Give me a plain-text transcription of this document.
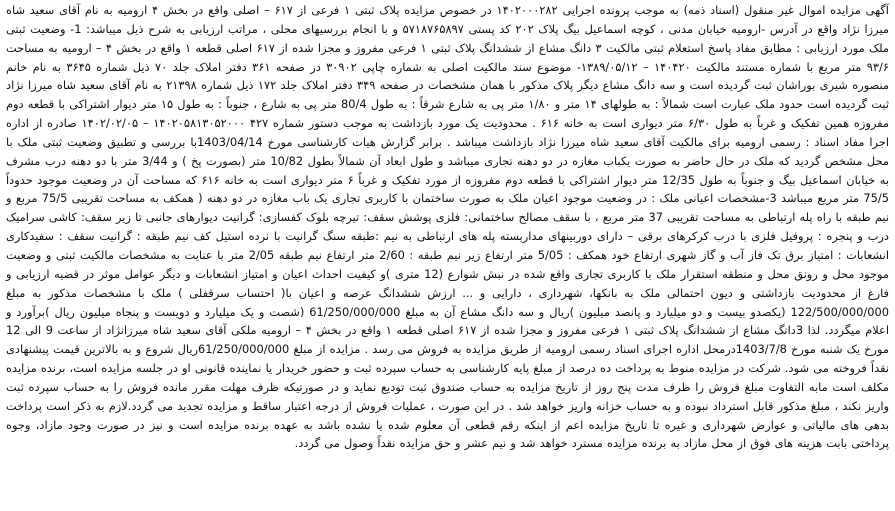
آگهی مزایده اموال غیر منقول (اسناد ذمه) به موجب پرونده اجرایی ۱۴۰۲۰۰۰۲۸۲ در خصوص مزایده پلاک ثبتی ۱ فرعی از ۶۱۷ – اصلی واقع در بخش ۴ ارومیه به نام آقای سعید شاه میرزا نژاد واقع در آدرس -ارومیه خیابان مدنی ، کوچه اسماعیل بیگ پلاک ۲۰۲ کد پستی ۵۷۱۸۷۶۵۸۹۷ و با انجام بررسیهای محلی ، مراتب ارزیابی به شرح ذیل میباشد: 1- وضعیت ثبتی ملک مورد ارزیابی : مطابق مفاد پاسخ استعلام ثبتی مالکیت ۳ دانگ مشاع از ششدانگ پلاک ثبتی ۱ فرعی مفروز و مجزا شده از ۶۱۷ اصلی قطعه ۱ واقع در بخش ۴ – ارومیه به مساحت ۹۳/۶ متر مربع با شماره مستند مالکیت ۱۴۰۴۲۰ – ۱۳۸۹/۰۵/۱۲- موضوع سند مالکیت اصلی به شماره چاپی ۳۰۹۰۲ در صفحه ۳۶۱ دفتر املاک جلد ۷۰ ذیل شماره ۳۶۴۵ به نام خانم منصوره شیری بوراشان ثبت گردیده است و سه دانگ مشاع دیگر پلاک مذکور با همان مشخصات در صفحه ۳۴۹ دفتر املاک جلد ۱۷۲ ذیل شماره ۲۱۳۹۸ به نام آقای سعید شاه میرزا نژاد ثبت گردیده است حدود ملک عبارت است شمالاً : به طولهای ۱۴ متر و ۱/۸۰ متر پی به شارع شرقاً : به طول 80/4 متر پی به شارع ، جنوباً : به طول ۱۵ متر دیوار اشتراکی با قطعه دوم مفروزه همین تفکیک و غرباً به طول ۶/۳۰ متر دیواری است به خانه ۶۱۶ . محدودیت یک مورد بازداشت به موجب دستور شماره ۴۲۷ ۱۴۰۲۰۵۸۱۳۰۵۲۰۰۰ – ۱۴۰۲/۰۲/۰۵ صادره از اداره اجرا مفاد اسناد : رسمی ارومیه برای مالکیت آقای سعید شاه میرزا نژاد بازداشت میباشد . برابر گزارش هیات کارشناسی مورخ 1403/04/14با بررسی و تطبیق وضعیت ثبتی ملک با محل مشخص گردید که ملک در حال حاضر به صورت یکباب مغازه در دو دهنه تجاری میباشد و طول ابعاد آن شمالاً بطول 10/82 متر (بصورت پخ ) و 3/44 متر با دو دهنه درب مشرف به خیابان اسماعیل بیگ و جنوباً به طول 12/35 متر دیوار اشتراکی با قطعه دوم مفروزه از مورد تفکیک و غرباً ۶ متر دیواری است به خانه ۶۱۶ که مساحت آن در وضعیت موجود حدوداً 75/5 متر مربع میباشد 3-مشخصات اعیانی ملک : در وضعیت موجود اعیان ملک به صورت ساختمان با کاربری تجاری یک باب مغازه در دو دهنه ( همکف به مساحت تقریبی 75/5 مربع و نیم طبقه با راه پله ارتباطی به مساحت تقریبی 37 متر مربع ، با سقف مصالح ساختمانی: فلزی پوشش سقف: تیرچه بلوک کفسازی: گرانیت دیوارهای جانبی تا زیر سقف: کاشی سرامیک درب و پنجره : پروفیل فلزی با درب کرکرهای برقی – دارای دوربینهای مداربسته پله های ارتباطی به نیم :طبقه سنگ گرانیت با نرده استیل کف نیم طبقه : گرانیت سقف : سفیدکاری انشعابات : امتیاز برق تک فاز آب و گاز شهری ارتفاع خود همکف : 5/05 متر ارتفاع زیر نیم طبقه : 2/60 متر ارتفاع نیم طبقه 2/05 متر با عنایت به مشخصات مالکیت ثبتی و وضعیت موجود محل و رونق محل و منطقه استقرار ملک با کاربری تجاری واقع شده در نبش شوارع (12 متری )و کیفیت احداث اعیان و امتیاز انشعابات و دیگر عوامل موثر در قضیه ارزیابی و فارغ از محدودیت بازداشتی و دیون احتمالی ملک به بانکها، شهرداری ، دارایی و ... ارزش ششدانگ عرصه و اعیان با( احتساب سرقفلی ) ملک با مشخصات مذکور به مبلغ 122/500/000/000 (یکصدو بیست و دو میلیارد و پانصد میلیون )ریال و سه دانگ مشاع آن به مبلغ 61/250/000/000 (شصت و یک میلیارد و دویست و پنجاه میلیون ریال )برآورد و اعلام میگردد. لذا 3دانگ مشاع از ششدانگ پلاک ثبتی ۱ فرعی مفروز و مجزا شده از ۶۱۷ اصلی قطعه ۱ واقع در بخش ۴ – ارومیه ملکی آقای سعید شاه میرزانژاد از ساعت 9 الی 12 مورخ یک شنبه مورخ 1403/7/8درمحل اداره اجرای اسناد رسمی ارومیه از طریق مزایده به فروش می رسد . مزایده از مبلغ 61/250/000/000ریال شروع و به بالاترین قیمت پیشنهادی نقداً فروخته می شود. شرکت در مزایده منوط به پرداخت ده درصد از مبلغ پایه کارشناسی به حساب سپرده ثبت و حضور خریدار یا نماینده قانونی او در جلسه مزایده است، برنده مزایده مکلف است مابه التفاوت مبلغ فروش را ظرف مدت پنج روز از تاریخ مزایده به حساب صندوق ثبت تودیع نماید و در صورتیکه ظرف مهلت مقرر مانده فروش را به حساب سپرده ثبت واریز نکند ، مبلغ مذکور قابل استرداد نبوده و به حساب خزانه واریز خواهد شد . در این صورت ، عملیات فروش از درجه اعتبار ساقط و مزایده تجدید می گردد.لازم به ذکر است پرداخت بدهی های مالیاتی و عوارض شهرداری و غیره تا تاریخ مزایده اعم از اینکه رقم قطعی آن معلوم شده یا نشده باشد به عهده برنده مزایده است و نیز در صورت وجود مازاد، وجوه پرداختی بابت هزینه های فوق از محل مازاد به برنده مزایده مسترد خواهد شد و نیم عشر و حق مزایده نقداً وصول می گردد.
